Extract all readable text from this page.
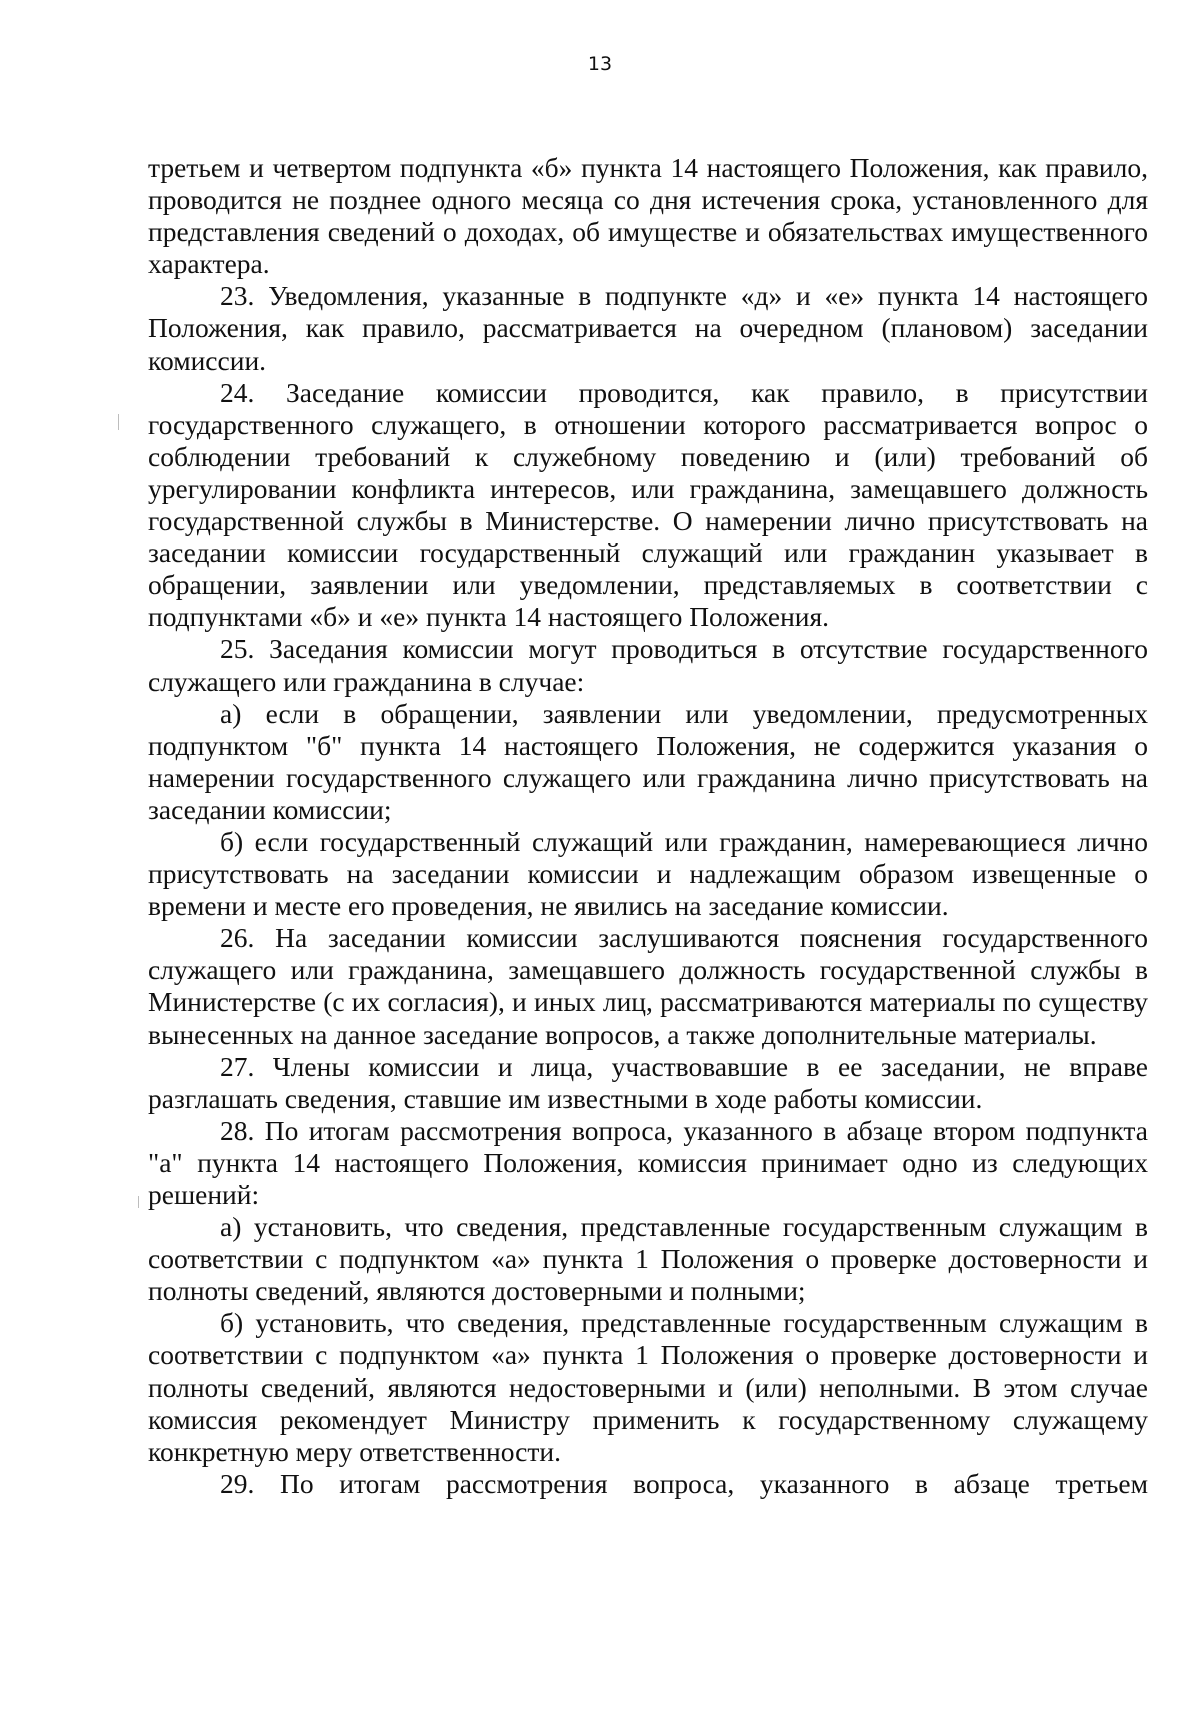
13

третьем и четвертом подпункта «б» пункта 14 настоящего Положения, как правило, проводится не позднее одного месяца со дня истечения срока, установленного для представления сведений о доходах, об имуществе и обязательствах имущественного характера.

23. Уведомления, указанные в подпункте «д» и «е» пункта 14 настоящего Положения, как правило, рассматривается на очередном (плановом) заседании комиссии.

24. Заседание комиссии проводится, как правило, в присутствии государственного служащего, в отношении которого рассматривается вопрос о соблюдении требований к служебному поведению и (или) требований об урегулировании конфликта интересов, или гражданина, замещавшего должность государственной службы в Министерстве. О намерении лично присутствовать на заседании комиссии государственный служащий или гражданин указывает в обращении, заявлении или уведомлении, представляемых в соответствии с подпунктами «б» и «е» пункта 14 настоящего Положения.

25. Заседания комиссии могут проводиться в отсутствие государственного служащего или гражданина в случае:

а) если в обращении, заявлении или уведомлении, предусмотренных подпунктом "б" пункта 14 настоящего Положения, не содержится указания о намерении государственного служащего или гражданина лично присутствовать на заседании комиссии;

б) если государственный служащий или гражданин, намеревающиеся лично присутствовать на заседании комиссии и надлежащим образом извещенные о времени и месте его проведения, не явились на заседание комиссии.

26. На заседании комиссии заслушиваются пояснения государственного служащего или гражданина, замещавшего должность государственной службы в Министерстве (с их согласия), и иных лиц, рассматриваются материалы по существу вынесенных на данное заседание вопросов, а также дополнительные материалы.

27. Члены комиссии и лица, участвовавшие в ее заседании, не вправе разглашать сведения, ставшие им известными в ходе работы комиссии.

28. По итогам рассмотрения вопроса, указанного в абзаце втором подпункта "а" пункта 14 настоящего Положения, комиссия принимает одно из следующих решений:

а) установить, что сведения, представленные государственным служащим в соответствии с подпунктом «а» пункта 1 Положения о проверке достоверности и полноты сведений, являются достоверными и полными;

б) установить, что сведения, представленные государственным служащим в соответствии с подпунктом «а» пункта 1 Положения о проверке достоверности и полноты сведений, являются недостоверными и (или) неполными. В этом случае комиссия рекомендует Министру применить к государственному служащему конкретную меру ответственности.

29. По итогам рассмотрения вопроса, указанного в абзаце третьем
